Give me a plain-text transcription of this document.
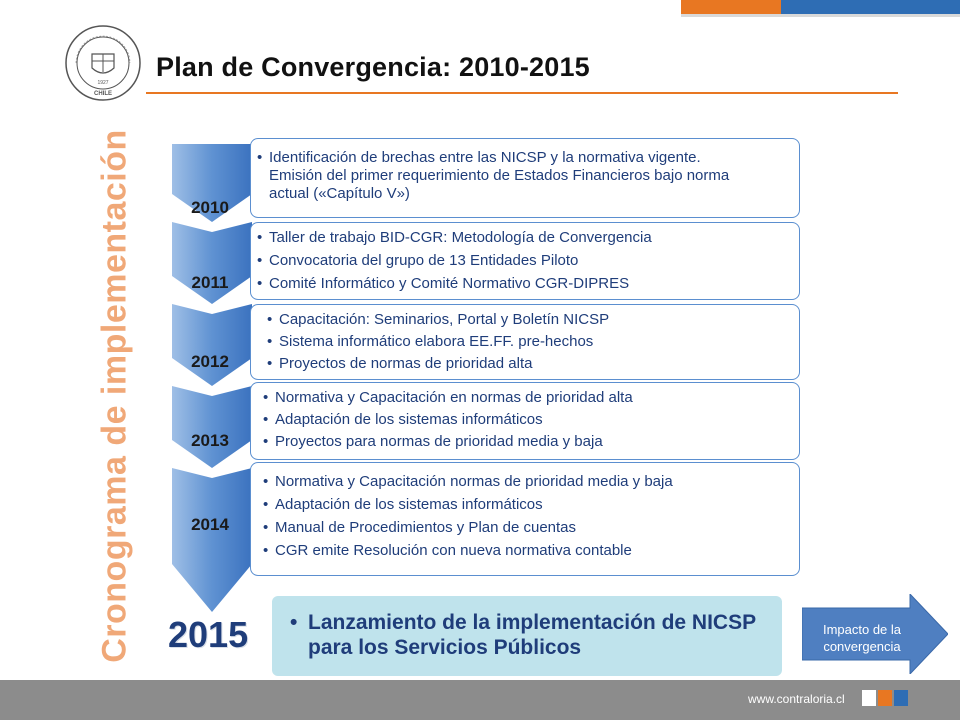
1927
CHILE
Plan de Convergencia: 2010-2015
Cronograma de implementación	2010
2011
2012
2013
2014
• Identificación de brechas entre las NICSP y la normativa vigente. Emisión del primer requerimiento de Estados Financieros bajo norma actual («Capítulo V»)
• Taller de trabajo BID-CGR: Metodología de Convergencia
• Convocatoria del grupo de 13 Entidades Piloto
• Comité Informático y Comité Normativo CGR-DIPRES
• Capacitación: Seminarios, Portal y Boletín NICSP
• Sistema informático elabora EE.FF. pre-hechos
• Proyectos de normas de prioridad alta
• Normativa y Capacitación en normas de prioridad alta
• Adaptación de los sistemas informáticos
• Proyectos para normas de prioridad media y baja
• Normativa y Capacitación normas de prioridad media y baja
• Adaptación de los sistemas informáticos
• Manual de Procedimientos y Plan de cuentas
• CGR emite Resolución con nueva normativa contable
2015
•	Lanzamiento de la implementación de NICSP para los Servicios Públicos
Impacto de la convergencia
www.contraloria.cl
